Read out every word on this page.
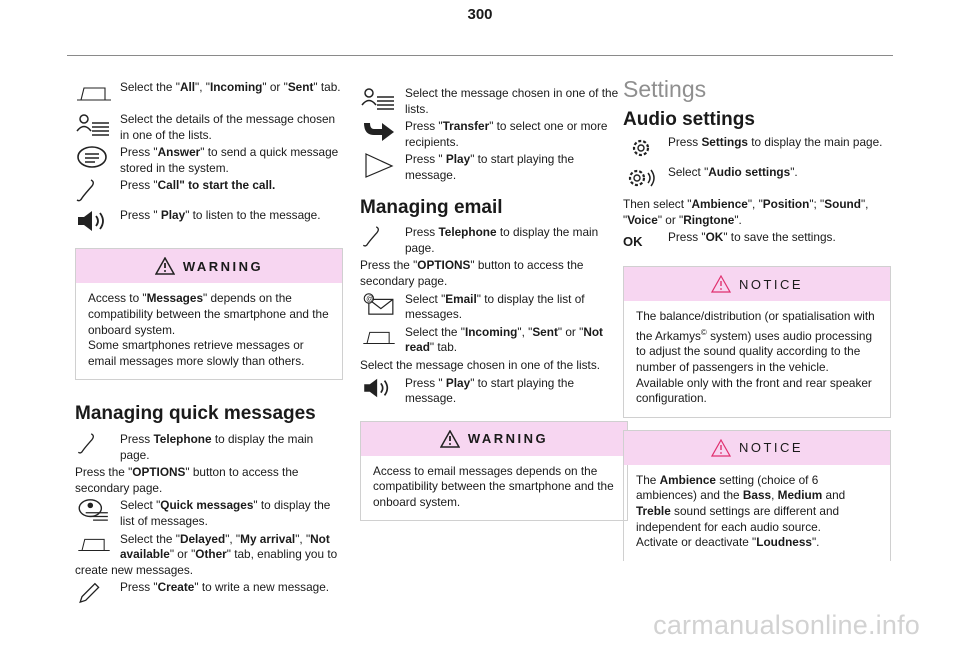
300
Select the "All", "Incoming" or "Sent" tab.
Select the details of the message chosen in one of the lists.
Press "Answer" to send a quick message stored in the system.
Press "Call" to start the call.
Press " Play" to listen to the message.
WARNING
Access to "Messages" depends on the compatibility between the smartphone and the onboard system.
Some smartphones retrieve messages or email messages more slowly than others.
Managing quick messages
Press Telephone to display the main page.
Press the "OPTIONS" button to access the secondary page.
Select "Quick messages" to display the list of messages.
Select the "Delayed", "My arrival", "Not available" or "Other" tab, enabling you to create new messages.
Press "Create" to write a new message.
Select the message chosen in one of the lists.
Press "Transfer" to select one or more recipients.
Press " Play" to start playing the message.
Managing email
Press Telephone to display the main page.
Press the "OPTIONS" button to access the secondary page.
@	Select "Email" to display the list of messages.
Select the "Incoming", "Sent" or "Not read" tab.
Select the message chosen in one of the lists.
Press " Play" to start playing the message.
WARNING
Access to email messages depends on the compatibility between the smartphone and the onboard system.
Settings
Audio settings
Press Settings to display the main page.
Select "Audio settings".
Then select "Ambience", "Position"; "Sound", "Voice" or "Ringtone".
OK	Press "OK" to save the settings.
NOTICE
The balance/distribution (or spatialisation with the Arkamys© system) uses audio processing to adjust the sound quality according to the number of passengers in the vehicle.
Available only with the front and rear speaker configuration.
NOTICE
The Ambience setting (choice of 6 ambiences) and the Bass, Medium and Treble sound settings are different and independent for each audio source.
Activate or deactivate "Loudness".
carmanualsonline.info
